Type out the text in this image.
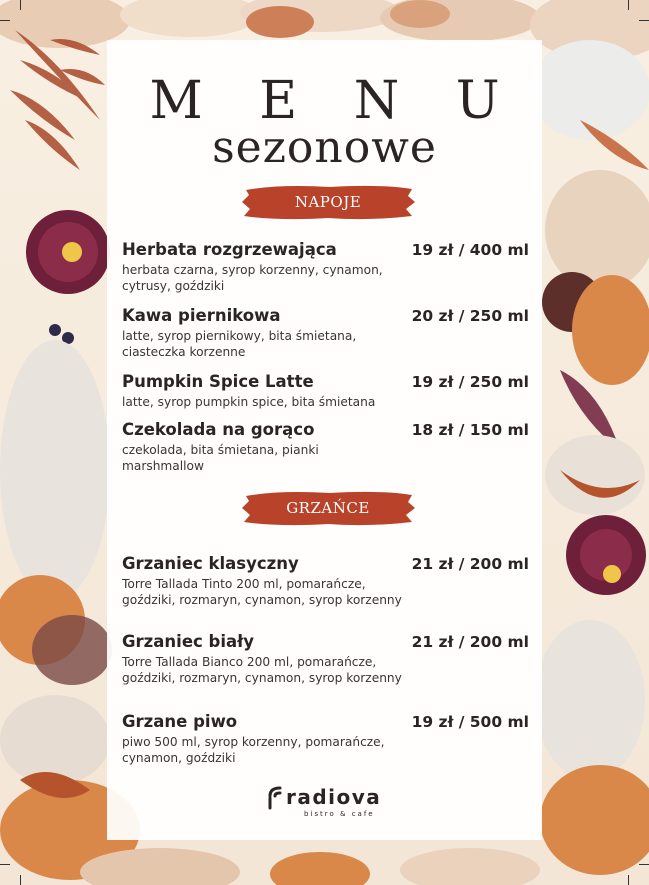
M E N U
sezonowe
NAPOJE
Herbata rozgrzewająca
herbata czarna, syrop korzenny, cynamon, cytrusy, goździki
19 zł / 400 ml
Kawa piernikowa
latte, syrop piernikowy, bita śmietana, ciasteczka korzenne
20 zł / 250 ml
Pumpkin Spice Latte
latte, syrop pumpkin spice, bita śmietana
19 zł / 250 ml
Czekolada na gorąco
czekolada, bita śmietana, pianki marshmallow
18 zł / 150 ml
GRZAŃCE
Grzaniec klasyczny
Torre Tallada Tinto 200 ml, pomarańcze, goździki, rozmaryn, cynamon, syrop korzenny
21 zł / 200 ml
Grzaniec biały
Torre Tallada Bianco 200 ml, pomarańcze, goździki, rozmaryn, cynamon, syrop korzenny
21 zł / 200 ml
Grzane piwo
piwo 500 ml, syrop korzenny, pomarańcze, cynamon, goździki
19 zł / 500 ml
radiova
bistro & cafe
